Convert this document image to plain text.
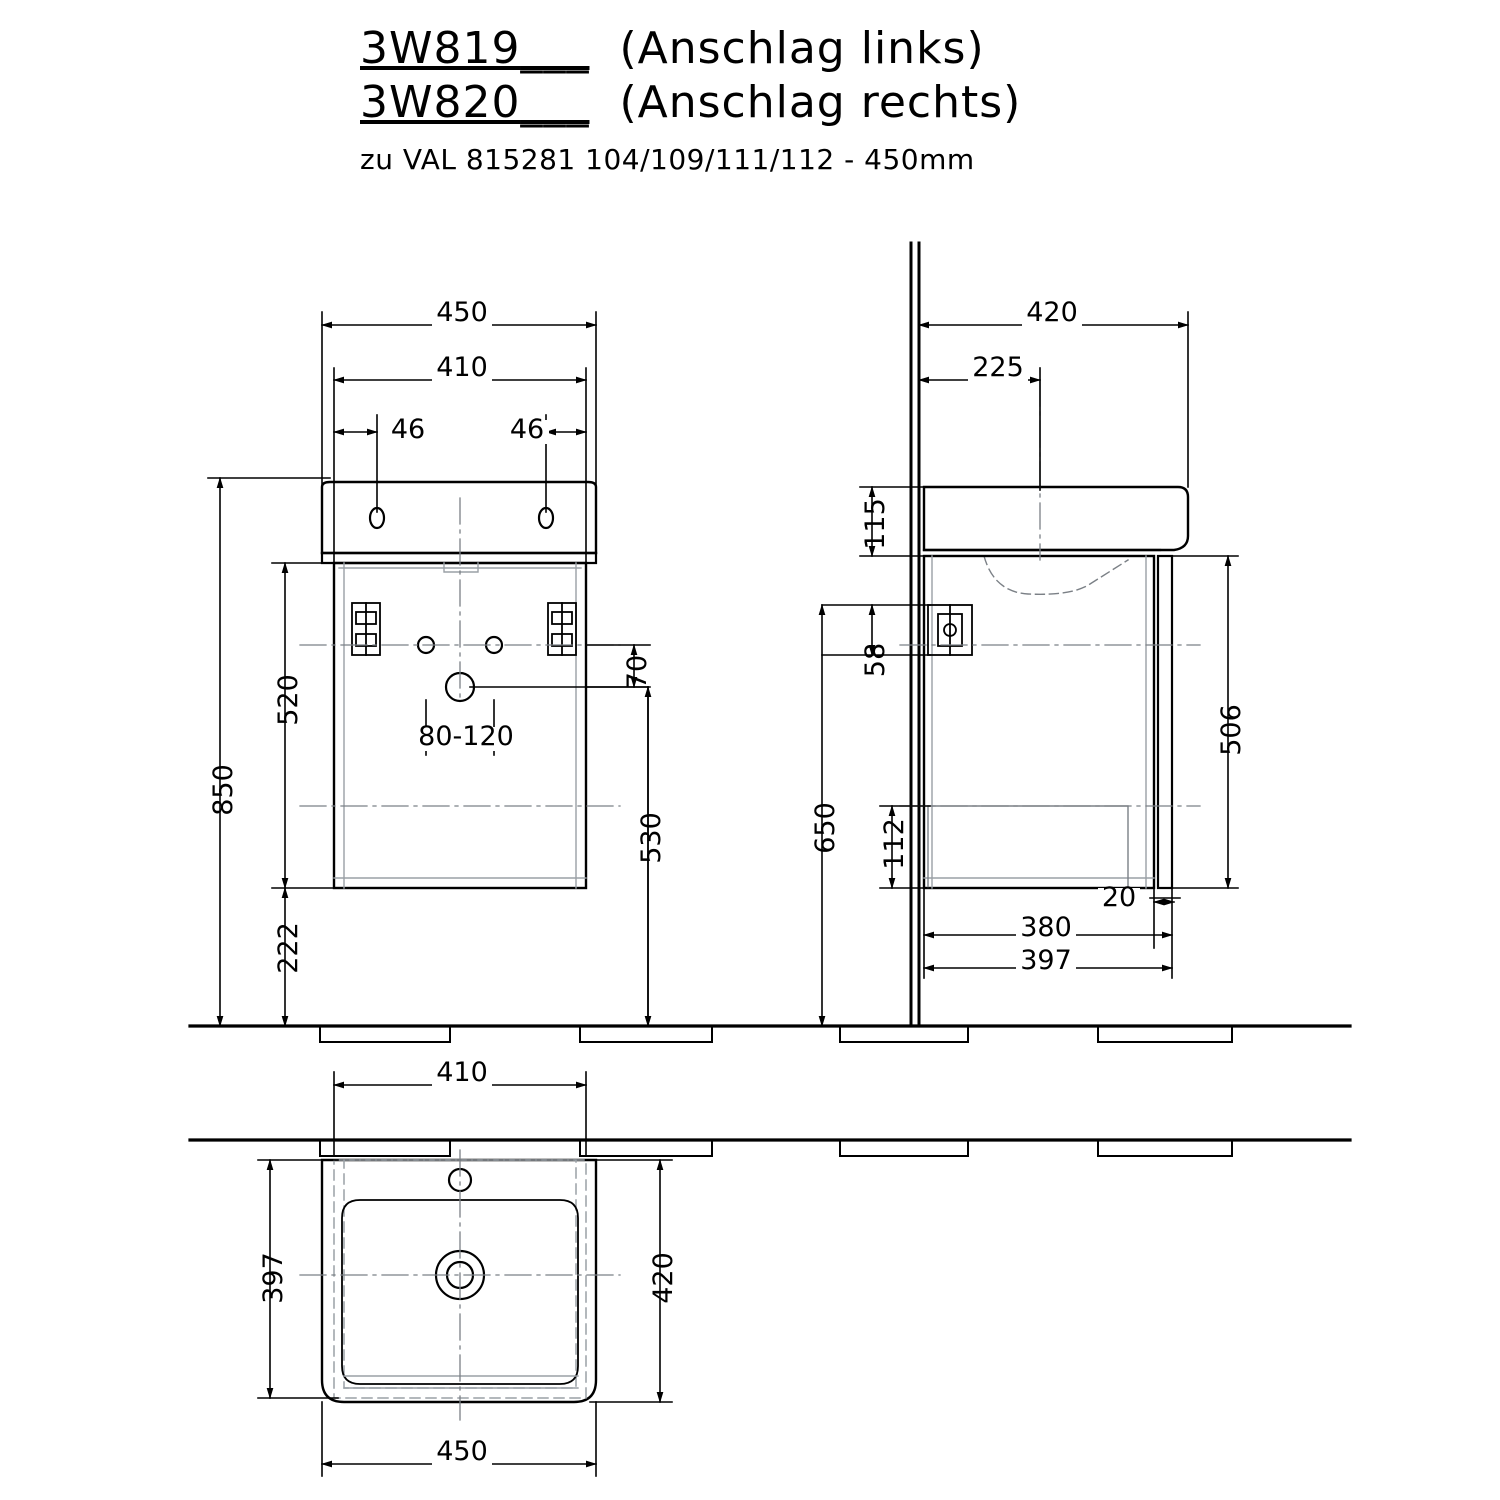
3W819___ (Anschlag links)
3W820___ (Anschlag rechts)
zu VAL 815281 104/109/111/112 - 450mm
450
410
46	46
850
520
222
530
70
80-120
420
225
115
58
650 112
506
20
380
397
410
450
397	420
